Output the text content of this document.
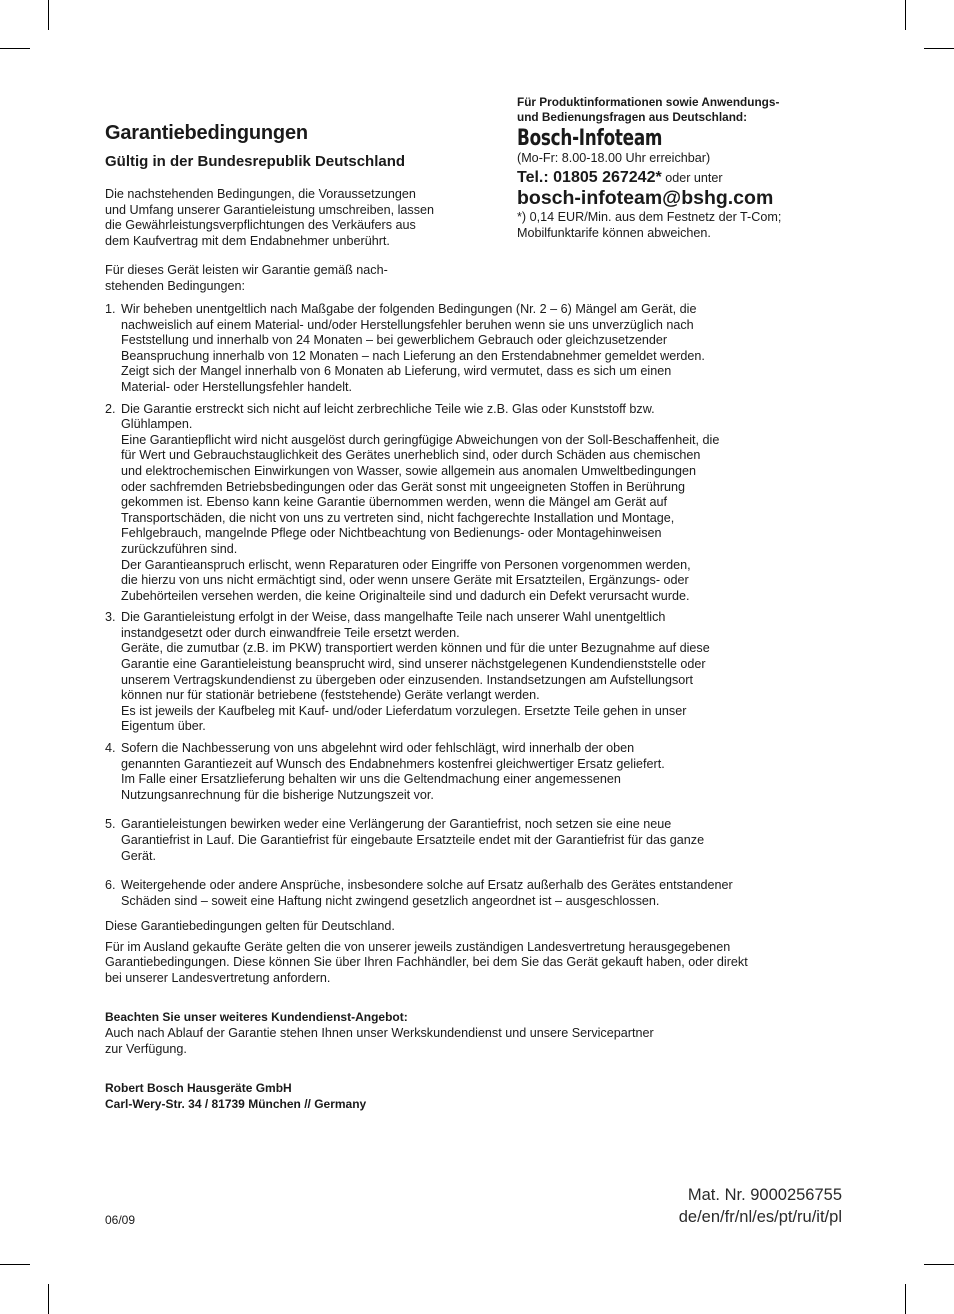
Garantiebedingungen
Gültig in der Bundesrepublik Deutschland

Die nachstehenden Bedingungen, die Voraussetzungen
und Umfang unserer Garantieleistung umschreiben, lassen
die Gewährleistungsverpflichtungen des Verkäufers aus
dem Kaufvertrag mit dem Endabnehmer unberührt.

Für dieses Gerät leisten wir Garantie gemäß nach-
stehenden Bedingungen:

Für Produktinformationen sowie Anwendungs-
und Bedienungsfragen aus Deutschland:

Bosch-Infoteam

(Mo-Fr: 8.00-18.00 Uhr erreichbar)

Tel.: 01805 267242* oder unter

bosch-infoteam@bshg.com

*) 0,14 EUR/Min. aus dem Festnetz der T-Com;
Mobilfunktarife können abweichen.

1. Wir beheben unentgeltlich nach Maßgabe der folgenden Bedingungen (Nr. 2 – 6) Mängel am Gerät, die
nachweislich auf einem Material- und/oder Herstellungsfehler beruhen wenn sie uns unverzüglich nach
Feststellung und innerhalb von 24 Monaten – bei gewerblichem Gebrauch oder gleichzusetzender
Beanspruchung innerhalb von 12 Monaten – nach Lieferung an den Erstendabnehmer gemeldet werden.
Zeigt sich der Mangel innerhalb von 6 Monaten ab Lieferung, wird vermutet, dass es sich um einen
Material- oder Herstellungsfehler handelt.

2. Die Garantie erstreckt sich nicht auf leicht zerbrechliche Teile wie z.B. Glas oder Kunststoff bzw.
Glühlampen.
Eine Garantiepflicht wird nicht ausgelöst durch geringfügige Abweichungen von der Soll-Beschaffenheit, die
für Wert und Gebrauchstauglichkeit des Gerätes unerheblich sind, oder durch Schäden aus chemischen
und elektrochemischen Einwirkungen von Wasser, sowie allgemein aus anomalen Umweltbedingungen
oder sachfremden Betriebsbedingungen oder das Gerät sonst mit ungeeigneten Stoffen in Berührung
gekommen ist. Ebenso kann keine Garantie übernommen werden, wenn die Mängel am Gerät auf
Transportschäden, die nicht von uns zu vertreten sind, nicht fachgerechte Installation und Montage,
Fehlgebrauch, mangelnde Pflege oder Nichtbeachtung von Bedienungs- oder Montagehinweisen
zurückzuführen sind.
Der Garantieanspruch erlischt, wenn Reparaturen oder Eingriffe von Personen vorgenommen werden,
die hierzu von uns nicht ermächtigt sind, oder wenn unsere Geräte mit Ersatzteilen, Ergänzungs- oder
Zubehörteilen versehen werden, die keine Originalteile sind und dadurch ein Defekt verursacht wurde.

3. Die Garantieleistung erfolgt in der Weise, dass mangelhafte Teile nach unserer Wahl unentgeltlich
instandgesetzt oder durch einwandfreie Teile ersetzt werden.
Geräte, die zumutbar (z.B. im PKW) transportiert werden können und für die unter Bezugnahme auf diese
Garantie eine Garantieleistung beansprucht wird, sind unserer nächstgelegenen Kundendienststelle oder
unserem Vertragskundendienst zu übergeben oder einzusenden. Instandsetzungen am Aufstellungsort
können nur für stationär betriebene (feststehende) Geräte verlangt werden.
Es ist jeweils der Kaufbeleg mit Kauf- und/oder Lieferdatum vorzulegen. Ersetzte Teile gehen in unser
Eigentum über.

4. Sofern die Nachbesserung von uns abgelehnt wird oder fehlschlägt, wird innerhalb der oben
genannten Garantiezeit auf Wunsch des Endabnehmers kostenfrei gleichwertiger Ersatz geliefert.
Im Falle einer Ersatzlieferung behalten wir uns die Geltendmachung einer angemessenen
Nutzungsanrechnung für die bisherige Nutzungszeit vor.

5. Garantieleistungen bewirken weder eine Verlängerung der Garantiefrist, noch setzen sie eine neue
Garantiefrist in Lauf. Die Garantiefrist für eingebaute Ersatzteile endet mit der Garantiefrist für das ganze
Gerät.

6. Weitergehende oder andere Ansprüche, insbesondere solche auf Ersatz außerhalb des Gerätes entstandener
Schäden sind – soweit eine Haftung nicht zwingend gesetzlich angeordnet ist – ausgeschlossen.

Diese Garantiebedingungen gelten für Deutschland.

Für im Ausland gekaufte Geräte gelten die von unserer jeweils zuständigen Landesvertretung herausgegebenen
Garantiebedingungen. Diese können Sie über Ihren Fachhändler, bei dem Sie das Gerät gekauft haben, oder direkt
bei unserer Landesvertretung anfordern.

Beachten Sie unser weiteres Kundendienst-Angebot:

Auch nach Ablauf der Garantie stehen Ihnen unser Werkskundendienst und unsere Servicepartner
zur Verfügung.

Robert Bosch Hausgeräte GmbH
Carl-Wery-Str. 34 / 81739 München // Germany

Mat. Nr. 9000256755
de/en/fr/nl/es/pt/ru/it/pl
06/09
